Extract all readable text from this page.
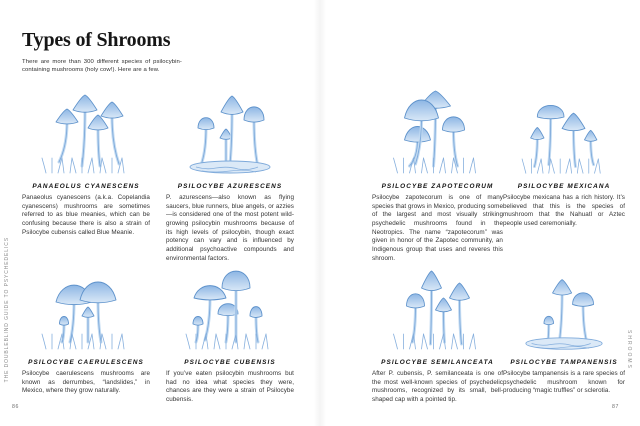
Types of Shrooms

There are more than 300 different species of psilocybin-containing mushrooms (holy cow!). Here are a few.

PANAEOLUS CYANESCENS

Panaeolus cyanescens (a.k.a. Copelandia cyanescens) mushrooms are sometimes referred to as blue meanies, which can be confusing because there is also a strain of Psilocybe cubensis called Blue Meanie.

PSILOCYBE AZURESCENS

P. azurescens—also known as flying saucers, blue runners, blue angels, or azzies—is considered one of the most potent wild-growing psilocybin mushrooms because of its high levels of psilocybin, though exact potency can vary and is influenced by additional psychoactive compounds and environmental factors.

PSILOCYBE ZAPOTECORUM

Psilocybe zapotecorum is one of many species that grows in Mexico, producing some of the largest and most visually striking psychedelic mushrooms found in the Neotropics. The name “zapotecorum” was given in honor of the Zapotec community, an Indigenous group that uses and reveres this shroom.

PSILOCYBE MEXICANA

Psilocybe mexicana has a rich history. It’s believed that this is the species of mushroom that the Nahuatl or Aztec people used ceremonially.

PSILOCYBE CAERULESCENS

Psilocybe caerulescens mushrooms are known as derrumbes, “landslides,” in Mexico, where they grow naturally.

PSILOCYBE CUBENSIS

If you’ve eaten psilocybin mushrooms but had no idea what species they were, chances are they were a strain of Psilocybe cubensis.

PSILOCYBE SEMILANCEATA

After P. cubensis, P. semilanceata is one of the most well-known species of psychedelic mushrooms, recognized by its small, bell-shaped cap with a pointed tip.

PSILOCYBE TAMPANENSIS

Psilocybe tampanensis is a rare species of psychedelic mushroom known for producing “magic truffles” or sclerotia.

THE DOUBLEBLIND GUIDE TO PSYCHEDELICS	SHROOMS
86	87
